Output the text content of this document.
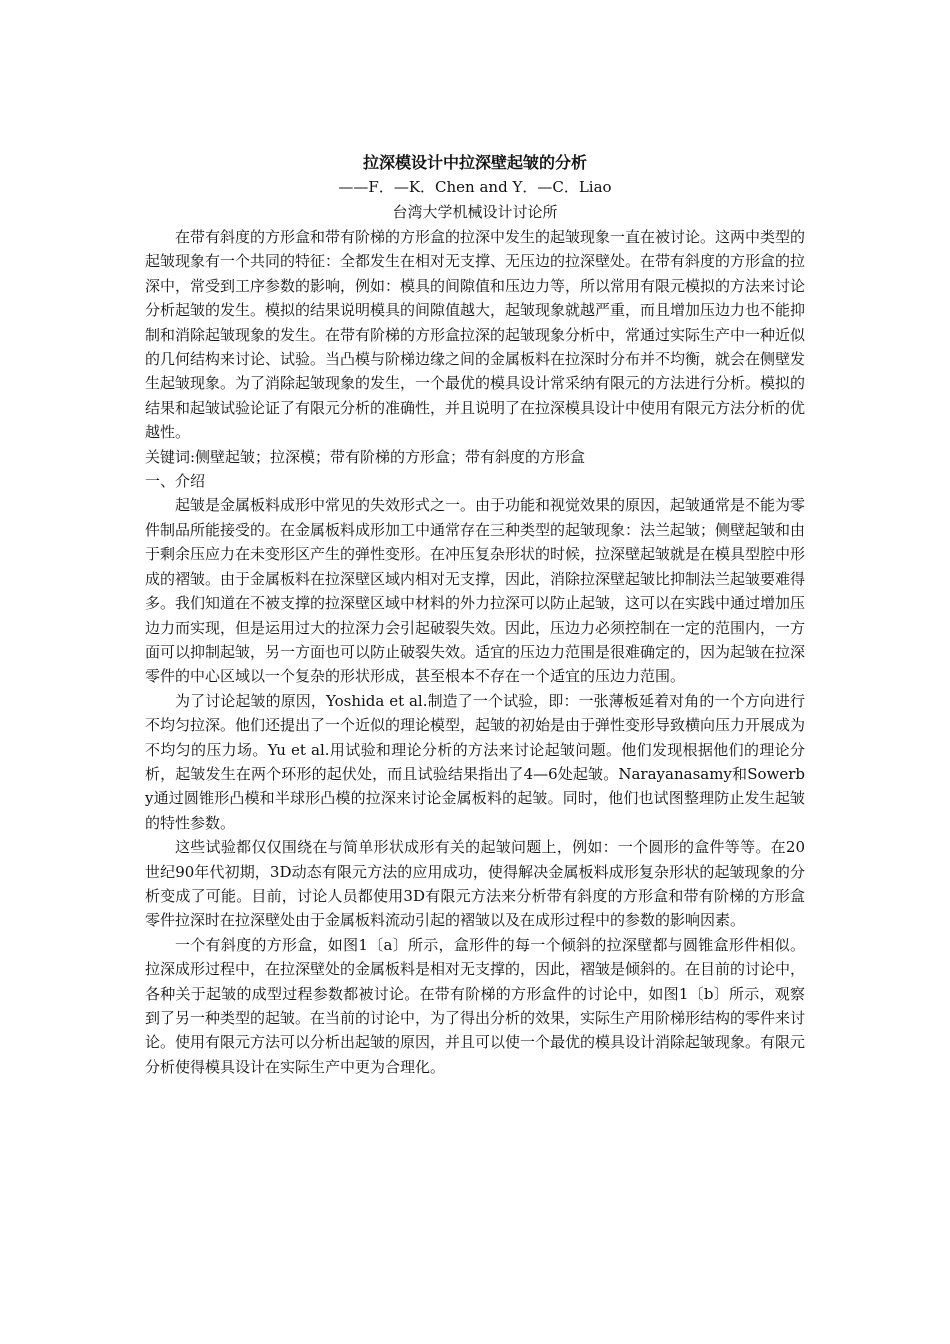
拉深模设计中拉深壁起皱的分析
——F．—K．Chen and Y．—C．Liao
台湾大学机械设计讨论所

在带有斜度的方形盒和带有阶梯的方形盒的拉深中发生的起皱现象一直在被讨论。这两中类型的起皱现象有一个共同的特征：全都发生在相对无支撑、无压边的拉深壁处。在带有斜度的方形盒的拉深中，常受到工序参数的影响，例如：模具的间隙值和压边力等，所以常用有限元模拟的方法来讨论分析起皱的发生。模拟的结果说明模具的间隙值越大，起皱现象就越严重，而且增加压边力也不能抑制和消除起皱现象的发生。在带有阶梯的方形盒拉深的起皱现象分析中，常通过实际生产中一种近似的几何结构来讨论、试验。当凸模与阶梯边缘之间的金属板料在拉深时分布并不均衡，就会在侧壁发生起皱现象。为了消除起皱现象的发生，一个最优的模具设计常采纳有限元的方法进行分析。模拟的结果和起皱试验论证了有限元分析的准确性，并且说明了在拉深模具设计中使用有限元方法分析的优越性。

关键词:侧壁起皱；拉深模；带有阶梯的方形盒；带有斜度的方形盒

一、介绍

起皱是金属板料成形中常见的失效形式之一。由于功能和视觉效果的原因，起皱通常是不能为零件制品所能接受的。在金属板料成形加工中通常存在三种类型的起皱现象：法兰起皱；侧壁起皱和由于剩余压应力在未变形区产生的弹性变形。在冲压复杂形状的时候，拉深壁起皱就是在模具型腔中形成的褶皱。由于金属板料在拉深壁区域内相对无支撑，因此，消除拉深壁起皱比抑制法兰起皱要难得多。我们知道在不被支撑的拉深壁区域中材料的外力拉深可以防止起皱，这可以在实践中通过增加压边力而实现，但是运用过大的拉深力会引起破裂失效。因此，压边力必须控制在一定的范围内，一方面可以抑制起皱，另一方面也可以防止破裂失效。适宜的压边力范围是很难确定的，因为起皱在拉深零件的中心区域以一个复杂的形状形成，甚至根本不存在一个适宜的压边力范围。

为了讨论起皱的原因，Yoshida et al.制造了一个试验，即：一张薄板延着对角的一个方向进行不均匀拉深。他们还提出了一个近似的理论模型，起皱的初始是由于弹性变形导致横向压力开展成为不均匀的压力场。Yu et al.用试验和理论分析的方法来讨论起皱问题。他们发现根据他们的理论分析，起皱发生在两个环形的起伏处，而且试验结果指出了4—6处起皱。Narayanasamy和Sowerby通过圆锥形凸模和半球形凸模的拉深来讨论金属板料的起皱。同时，他们也试图整理防止发生起皱的特性参数。

这些试验都仅仅围绕在与简单形状成形有关的起皱问题上，例如：一个圆形的盒件等等。在20世纪90年代初期，3D动态有限元方法的应用成功，使得解决金属板料成形复杂形状的起皱现象的分析变成了可能。目前，讨论人员都使用3D有限元方法来分析带有斜度的方形盒和带有阶梯的方形盒零件拉深时在拉深壁处由于金属板料流动引起的褶皱以及在成形过程中的参数的影响因素。

一个有斜度的方形盒，如图1〔a〕所示，盒形件的每一个倾斜的拉深壁都与圆锥盒形件相似。拉深成形过程中，在拉深壁处的金属板料是相对无支撑的，因此，褶皱是倾斜的。在目前的讨论中，各种关于起皱的成型过程参数都被讨论。在带有阶梯的方形盒件的讨论中，如图1〔b〕所示，观察到了另一种类型的起皱。在当前的讨论中，为了得出分析的效果，实际生产用阶梯形结构的零件来讨论。使用有限元方法可以分析出起皱的原因，并且可以使一个最优的模具设计消除起皱现象。有限元分析使得模具设计在实际生产中更为合理化。
